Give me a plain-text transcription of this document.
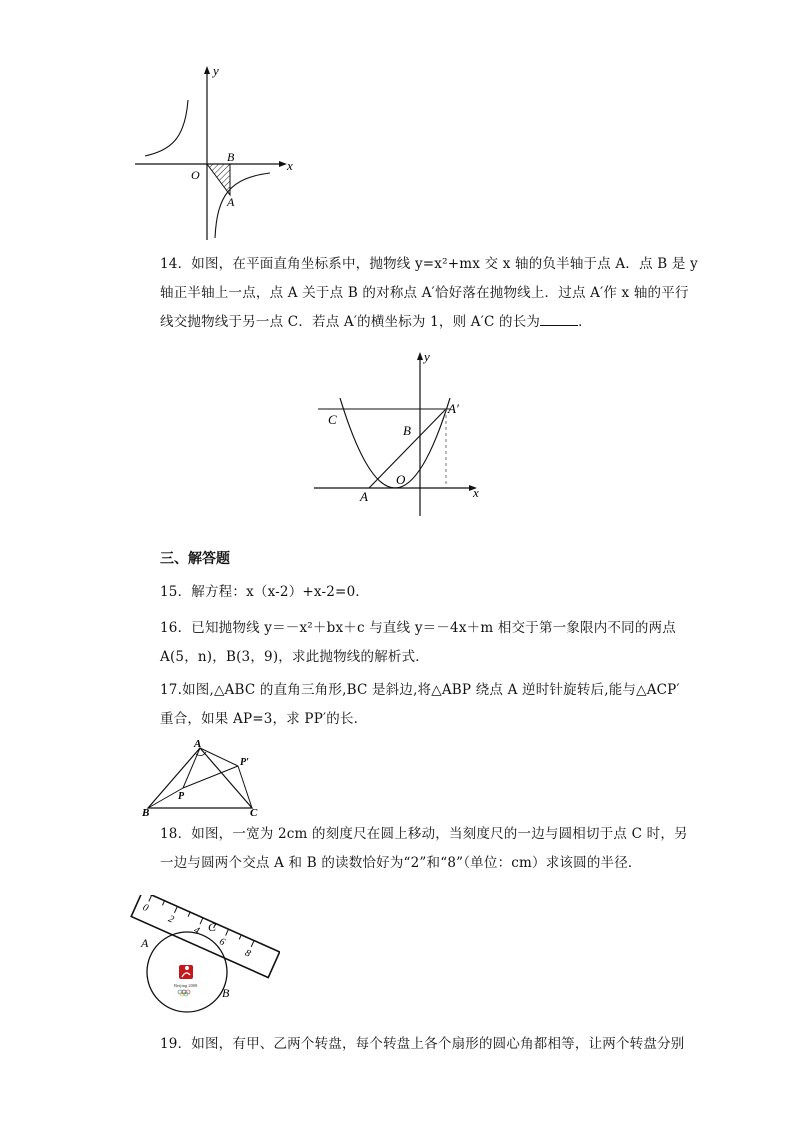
y
x
O
B
A
14．如图，在平面直角坐标系中，抛物线 y=x²+mx 交 x 轴的负半轴于点 A．点 B 是 y
轴正半轴上一点，点 A 关于点 B 的对称点 A′恰好落在抛物线上．过点 A′作 x 轴的平行
线交抛物线于另一点 C．若点 A′的横坐标为 1，则 A′C 的长为	．
y
x
C
A′
B
O
A
三、解答题
15．解方程：x（x-2）+x-2=0．
16．已知抛物线 y＝－x²＋bx＋c 与直线 y＝－4x＋m 相交于第一象限内不同的两点
A(5，n)，B(3，9)，求此抛物线的解析式．
17.如图,△ABC 的直角三角形,BC 是斜边,将△ABP 绕点 A 逆时针旋转后,能与△ACP′
重合，如果 AP=3，求 PP′的长．
A
P′
P
B	C
18．如图，一宽为 2cm 的刻度尺在圆上移动，当刻度尺的一边与圆相切于点 C 时，另
一边与圆两个交点 A 和 B 的读数恰好为“2”和“8”（单位：cm）求该圆的半径．
0
2
4
6
8
Beijing 2008
C
A
B
19．如图，有甲、乙两个转盘，每个转盘上各个扇形的圆心角都相等，让两个转盘分别
